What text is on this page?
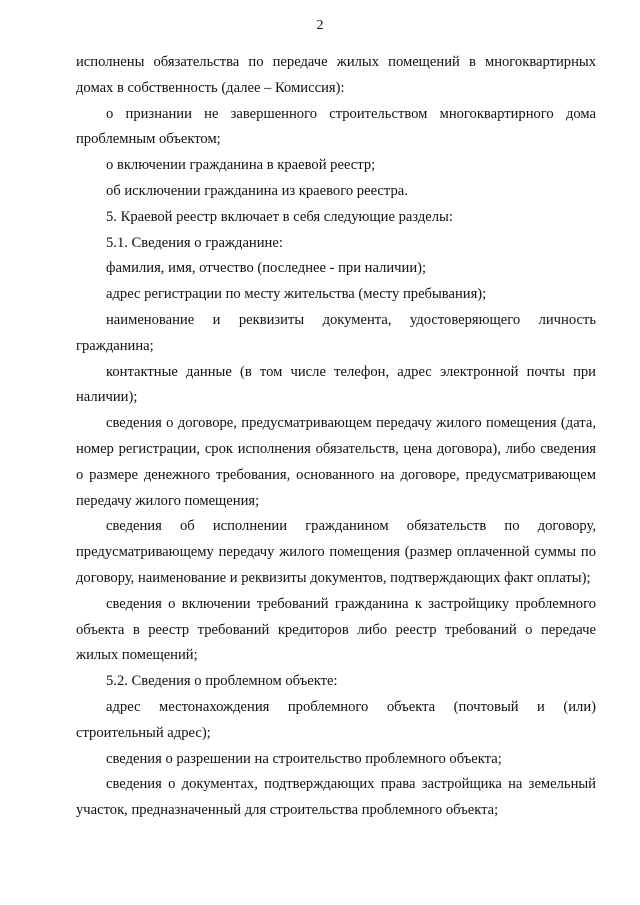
2

исполнены обязательства по передаче жилых помещений в многоквартирных домах в собственность (далее – Комиссия):

о признании не завершенного строительством многоквартирного дома проблемным объектом;

о включении гражданина в краевой реестр;

об исключении гражданина из краевого реестра.

5. Краевой реестр включает в себя следующие разделы:

5.1. Сведения о гражданине:

фамилия, имя, отчество (последнее - при наличии);

адрес регистрации по месту жительства (месту пребывания);

наименование и реквизиты документа, удостоверяющего личность гражданина;

контактные данные (в том числе телефон, адрес электронной почты при наличии);

сведения о договоре, предусматривающем передачу жилого помещения (дата, номер регистрации, срок исполнения обязательств, цена договора), либо сведения о размере денежного требования, основанного на договоре, предусматривающем передачу жилого помещения;

сведения об исполнении гражданином обязательств по договору, предусматривающему передачу жилого помещения (размер оплаченной суммы по договору, наименование и реквизиты документов, подтверждающих факт оплаты);

сведения о включении требований гражданина к застройщику проблемного объекта в реестр требований кредиторов либо реестр требований о передаче жилых помещений;

5.2. Сведения о проблемном объекте:

адрес местонахождения проблемного объекта (почтовый и (или) строительный адрес);

сведения о разрешении на строительство проблемного объекта;

сведения о документах, подтверждающих права застройщика на земельный участок, предназначенный для строительства проблемного объекта;
